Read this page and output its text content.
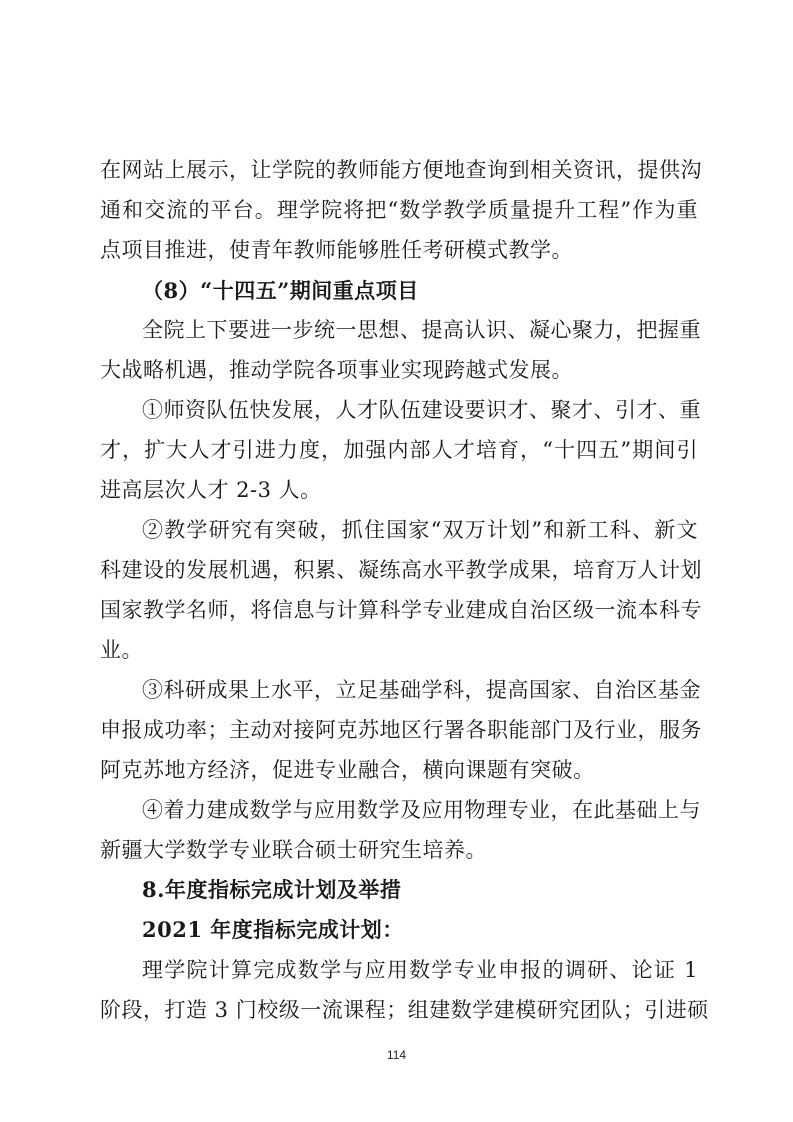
在网站上展示，让学院的教师能方便地查询到相关资讯，提供沟
通和交流的平台。理学院将把“数学教学质量提升工程”作为重
点项目推进，使青年教师能够胜任考研模式教学。
（8）“十四五”期间重点项目
全院上下要进一步统一思想、提高认识、凝心聚力，把握重
大战略机遇，推动学院各项事业实现跨越式发展。
①师资队伍快发展，人才队伍建设要识才、聚才、引才、重
才，扩大人才引进力度，加强内部人才培育，“十四五”期间引
进高层次人才 2-3 人。
②教学研究有突破，抓住国家“双万计划”和新工科、新文
科建设的发展机遇，积累、凝练高水平教学成果，培育万人计划
国家教学名师，将信息与计算科学专业建成自治区级一流本科专
业。
③科研成果上水平，立足基础学科，提高国家、自治区基金
申报成功率；主动对接阿克苏地区行署各职能部门及行业，服务
阿克苏地方经济，促进专业融合，横向课题有突破。
④着力建成数学与应用数学及应用物理专业，在此基础上与
新疆大学数学专业联合硕士研究生培养。
8.年度指标完成计划及举措
2021 年度指标完成计划：
理学院计算完成数学与应用数学专业申报的调研、论证 1
阶段，打造 3 门校级一流课程；组建数学建模研究团队；引进硕
114
